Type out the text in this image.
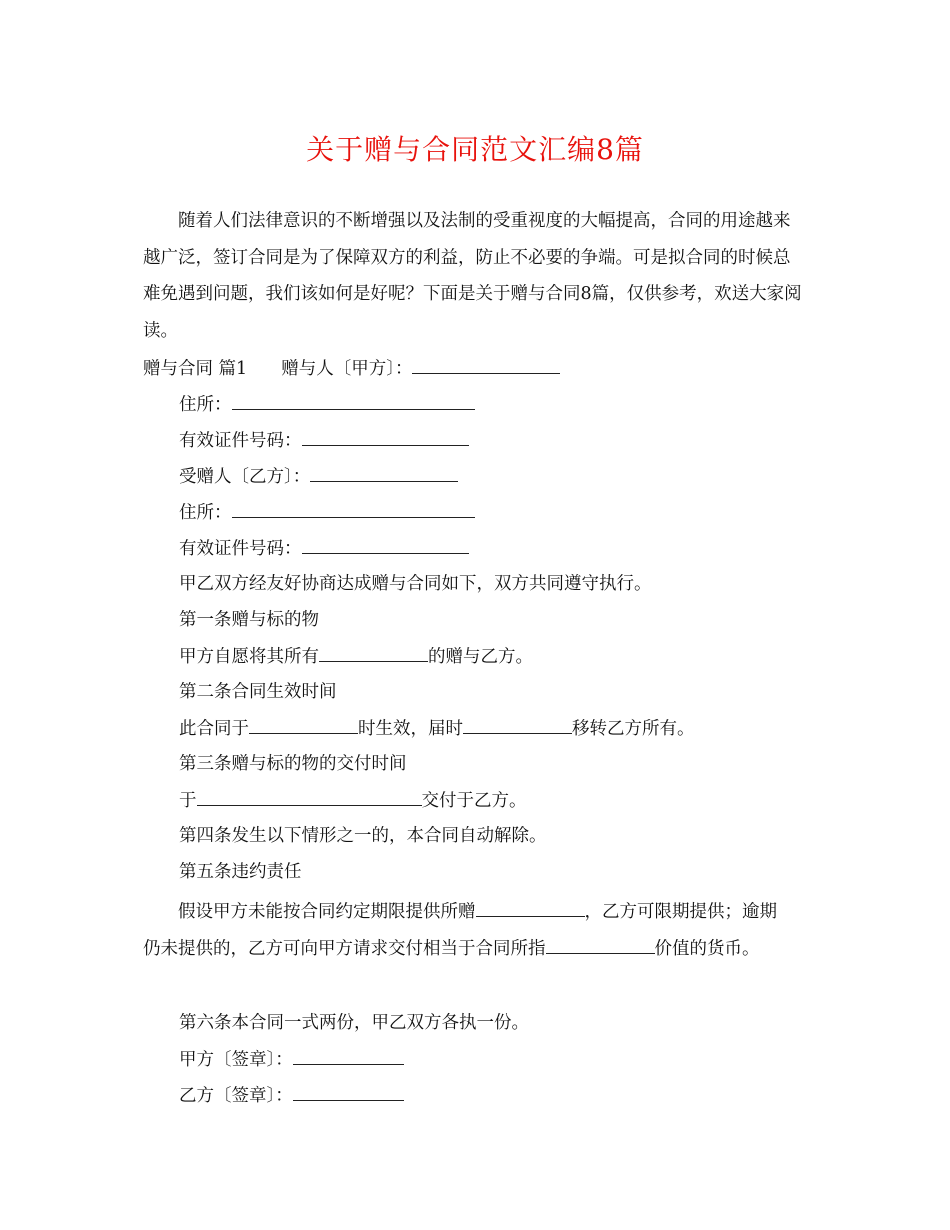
关于赠与合同范文汇编8篇

随着人们法律意识的不断增强以及法制的受重视度的大幅提高，合同的用途越来越广泛，签订合同是为了保障双方的利益，防止不必要的争端。可是拟合同的时候总难免遇到问题，我们该如何是好呢？下面是关于赠与合同8篇，仅供参考，欢送大家阅读。

赠与合同 篇1 赠与人〔甲方〕：
住所：
有效证件号码：
受赠人〔乙方〕：
住所：
有效证件号码：
甲乙双方经友好协商达成赠与合同如下，双方共同遵守执行。
第一条赠与标的物
甲方自愿将其所有	的赠与乙方。
第二条合同生效时间
此合同于	时生效，届时	移转乙方所有。
第三条赠与标的物的交付时间
于	交付于乙方。
第四条发生以下情形之一的，本合同自动解除。
第五条违约责任

假设甲方未能按合同约定期限提供所赠	，乙方可限期提供；逾期仍未提供的，乙方可向甲方请求交付相当于合同所指	价值的货币。

第六条本合同一式两份，甲乙双方各执一份。
甲方〔签章〕：
乙方〔签章〕：
